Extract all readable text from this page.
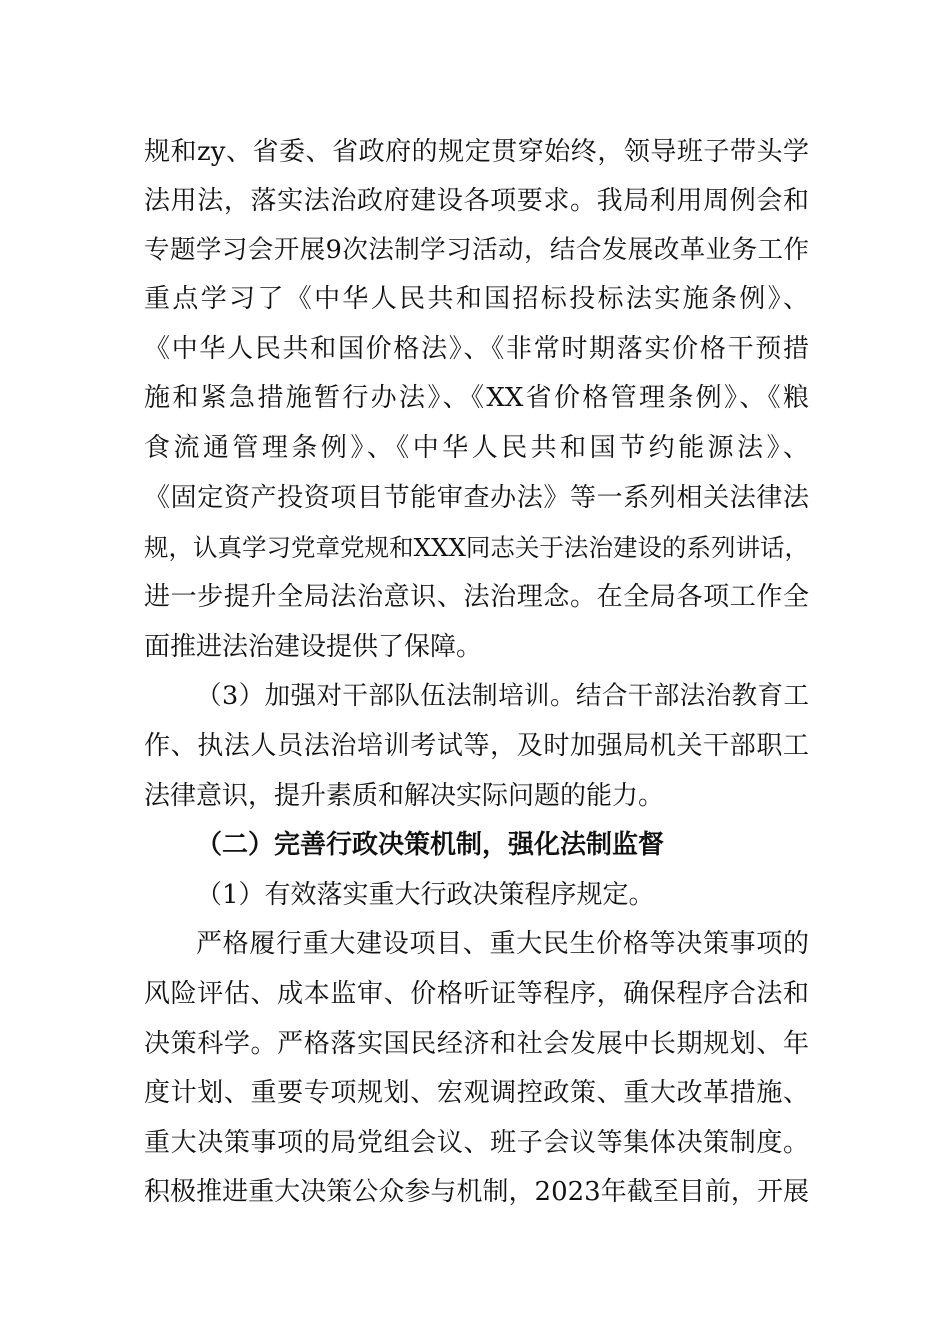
规和zy、省委、省政府的规定贯穿始终，领导班子带头学
法用法，落实法治政府建设各项要求。我局利用周例会和
专题学习会开展9次法制学习活动，结合发展改革业务工作
重点学习了《中华人民共和国招标投标法实施条例》、
《中华人民共和国价格法》、《非常时期落实价格干预措
施和紧急措施暂行办法》、《XX省价格管理条例》、《粮
食流通管理条例》、《中华人民共和国节约能源法》、
《固定资产投资项目节能审查办法》等一系列相关法律法
规，认真学习党章党规和XXX同志关于法治建设的系列讲话，
进一步提升全局法治意识、法治理念。在全局各项工作全
面推进法治建设提供了保障。
（3）加强对干部队伍法制培训。结合干部法治教育工
作、执法人员法治培训考试等，及时加强局机关干部职工
法律意识，提升素质和解决实际问题的能力。
（二）完善行政决策机制，强化法制监督
（1）有效落实重大行政决策程序规定。
严格履行重大建设项目、重大民生价格等决策事项的
风险评估、成本监审、价格听证等程序，确保程序合法和
决策科学。严格落实国民经济和社会发展中长期规划、年
度计划、重要专项规划、宏观调控政策、重大改革措施、
重大决策事项的局党组会议、班子会议等集体决策制度。
积极推进重大决策公众参与机制，2023年截至目前，开展
